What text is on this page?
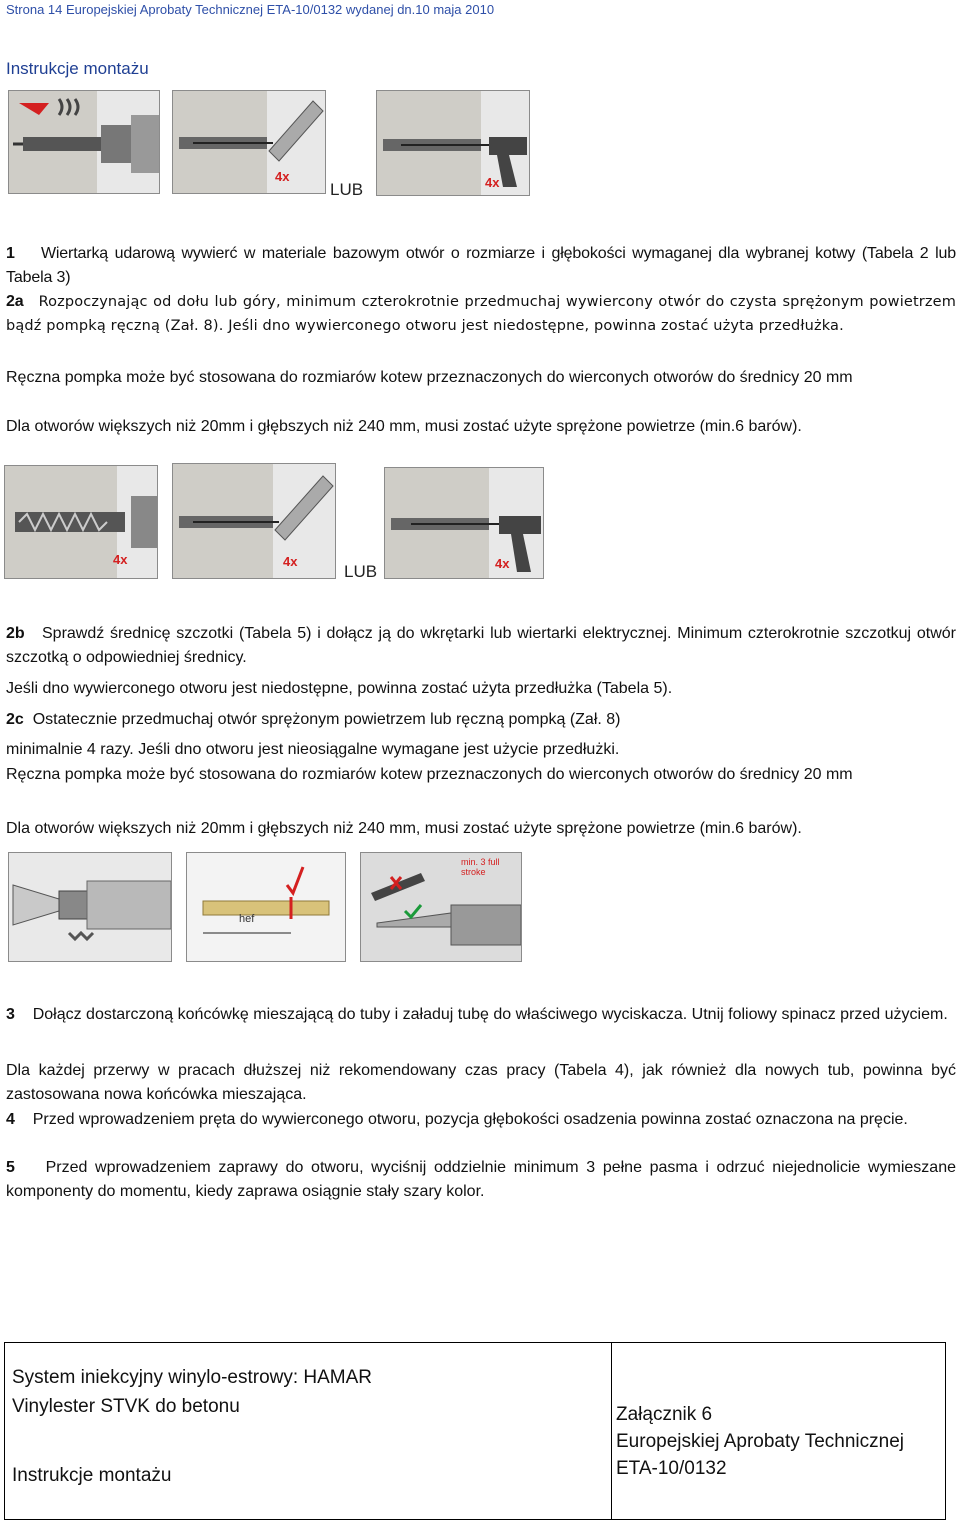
Strona 14 Europejskiej Aprobaty Technicznej ETA-10/0132 wydanej dn.10 maja 2010
Instrukcje montażu
4x	4x
LUB
1 Wiertarką udarową wywierć w materiale bazowym otwór o rozmiarze i głębokości wymaganej dla wybranej kotwy (Tabela 2 lub Tabela 3)
2a Rozpoczynając od dołu lub góry, minimum czterokrotnie przedmuchaj wywiercony otwór do czysta sprężonym powietrzem bądź pompką ręczną (Zał. 8). Jeśli dno wywierconego otworu jest niedostępne, powinna zostać użyta przedłużka.
Ręczna pompka może być stosowana do rozmiarów kotew przeznaczonych do wierconych otworów do średnicy 20 mm
Dla otworów większych niż 20mm i głębszych niż 240 mm, musi zostać użyte sprężone powietrze (min.6 barów).
4x	4x	4x
LUB
2b Sprawdź średnicę szczotki (Tabela 5) i dołącz ją do wkrętarki lub wiertarki elektrycznej. Minimum czterokrotnie szczotkuj otwór szczotką o odpowiedniej średnicy.
Jeśli dno wywierconego otworu jest niedostępne, powinna zostać użyta przedłużka (Tabela 5).
2c Ostatecznie przedmuchaj otwór sprężonym powietrzem lub ręczną pompką (Zał. 8)
minimalnie 4 razy. Jeśli dno otworu jest nieosiągalne wymagane jest użycie przedłużki.
Ręczna pompka może być stosowana do rozmiarów kotew przeznaczonych do wierconych otworów do średnicy 20 mm
Dla otworów większych niż 20mm i głębszych niż 240 mm, musi zostać użyte sprężone powietrze (min.6 barów).
hef
min. 3 full stroke
3 Dołącz dostarczoną końcówkę mieszającą do tuby i załaduj tubę do właściwego wyciskacza. Utnij foliowy spinacz przed użyciem.
Dla każdej przerwy w pracach dłuższej niż rekomendowany czas pracy (Tabela 4), jak również dla nowych tub, powinna być zastosowana nowa końcówka mieszająca.
4 Przed wprowadzeniem pręta do wywierconego otworu, pozycja głębokości osadzenia powinna zostać oznaczona na pręcie.
5 Przed wprowadzeniem zaprawy do otworu, wyciśnij oddzielnie minimum 3 pełne pasma i odrzuć niejednolicie wymieszane komponenty do momentu, kiedy zaprawa osiągnie stały szary kolor.
System iniekcyjny winylo-estrowy: HAMAR
Vinylester STVK do betonu
Instrukcje montażu
Załącznik 6
Europejskiej Aprobaty Technicznej
ETA-10/0132
